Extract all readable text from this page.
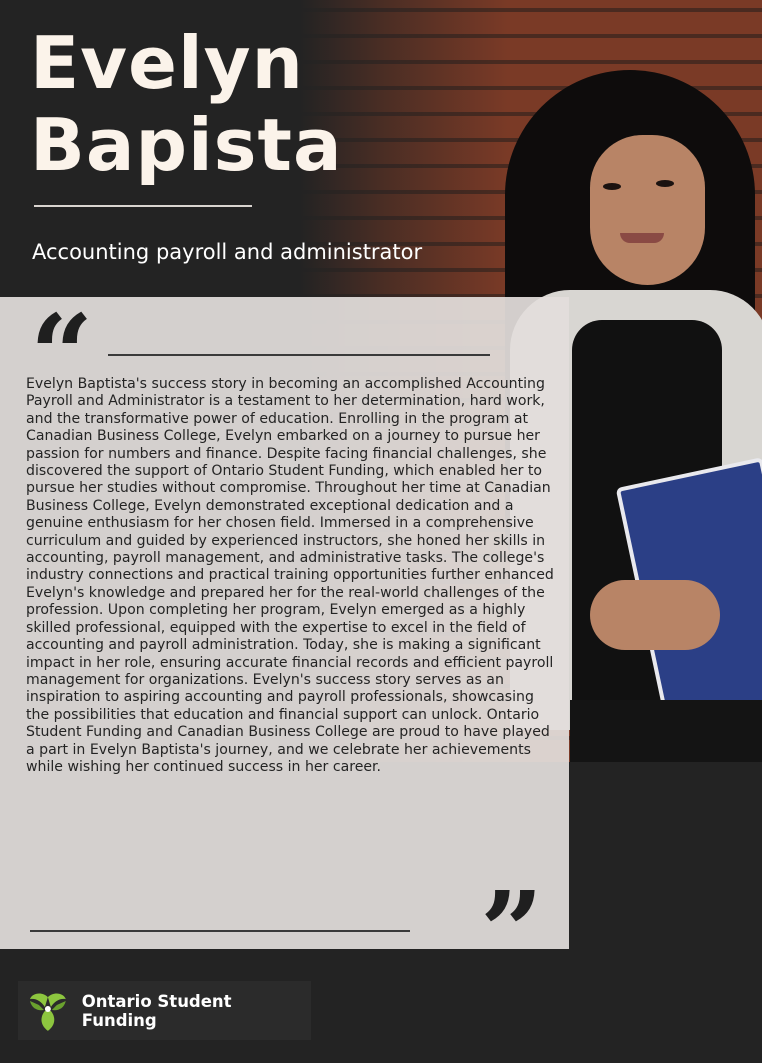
Evelyn
Bapista
Accounting payroll and administrator
“

Evelyn Baptista's success story in becoming an accomplished Accounting Payroll and Administrator is a testament to her determination, hard work, and the transformative power of education. Enrolling in the program at Canadian Business College, Evelyn embarked on a journey to pursue her passion for numbers and finance. Despite facing financial challenges, she discovered the support of Ontario Student Funding, which enabled her to pursue her studies without compromise. Throughout her time at Canadian Business College, Evelyn demonstrated exceptional dedication and a genuine enthusiasm for her chosen field. Immersed in a comprehensive curriculum and guided by experienced instructors, she honed her skills in accounting, payroll management, and administrative tasks. The college's industry connections and practical training opportunities further enhanced Evelyn's knowledge and prepared her for the real-world challenges of the profession. Upon completing her program, Evelyn emerged as a highly skilled professional, equipped with the expertise to excel in the field of accounting and payroll administration. Today, she is making a significant impact in her role, ensuring accurate financial records and efficient payroll management for organizations. Evelyn's success story serves as an inspiration to aspiring accounting and payroll professionals, showcasing the possibilities that education and financial support can unlock. Ontario Student Funding and Canadian Business College are proud to have played a part in Evelyn Baptista's journey, and we celebrate her achievements while wishing her continued success in her career.

”
Ontario Student Funding
